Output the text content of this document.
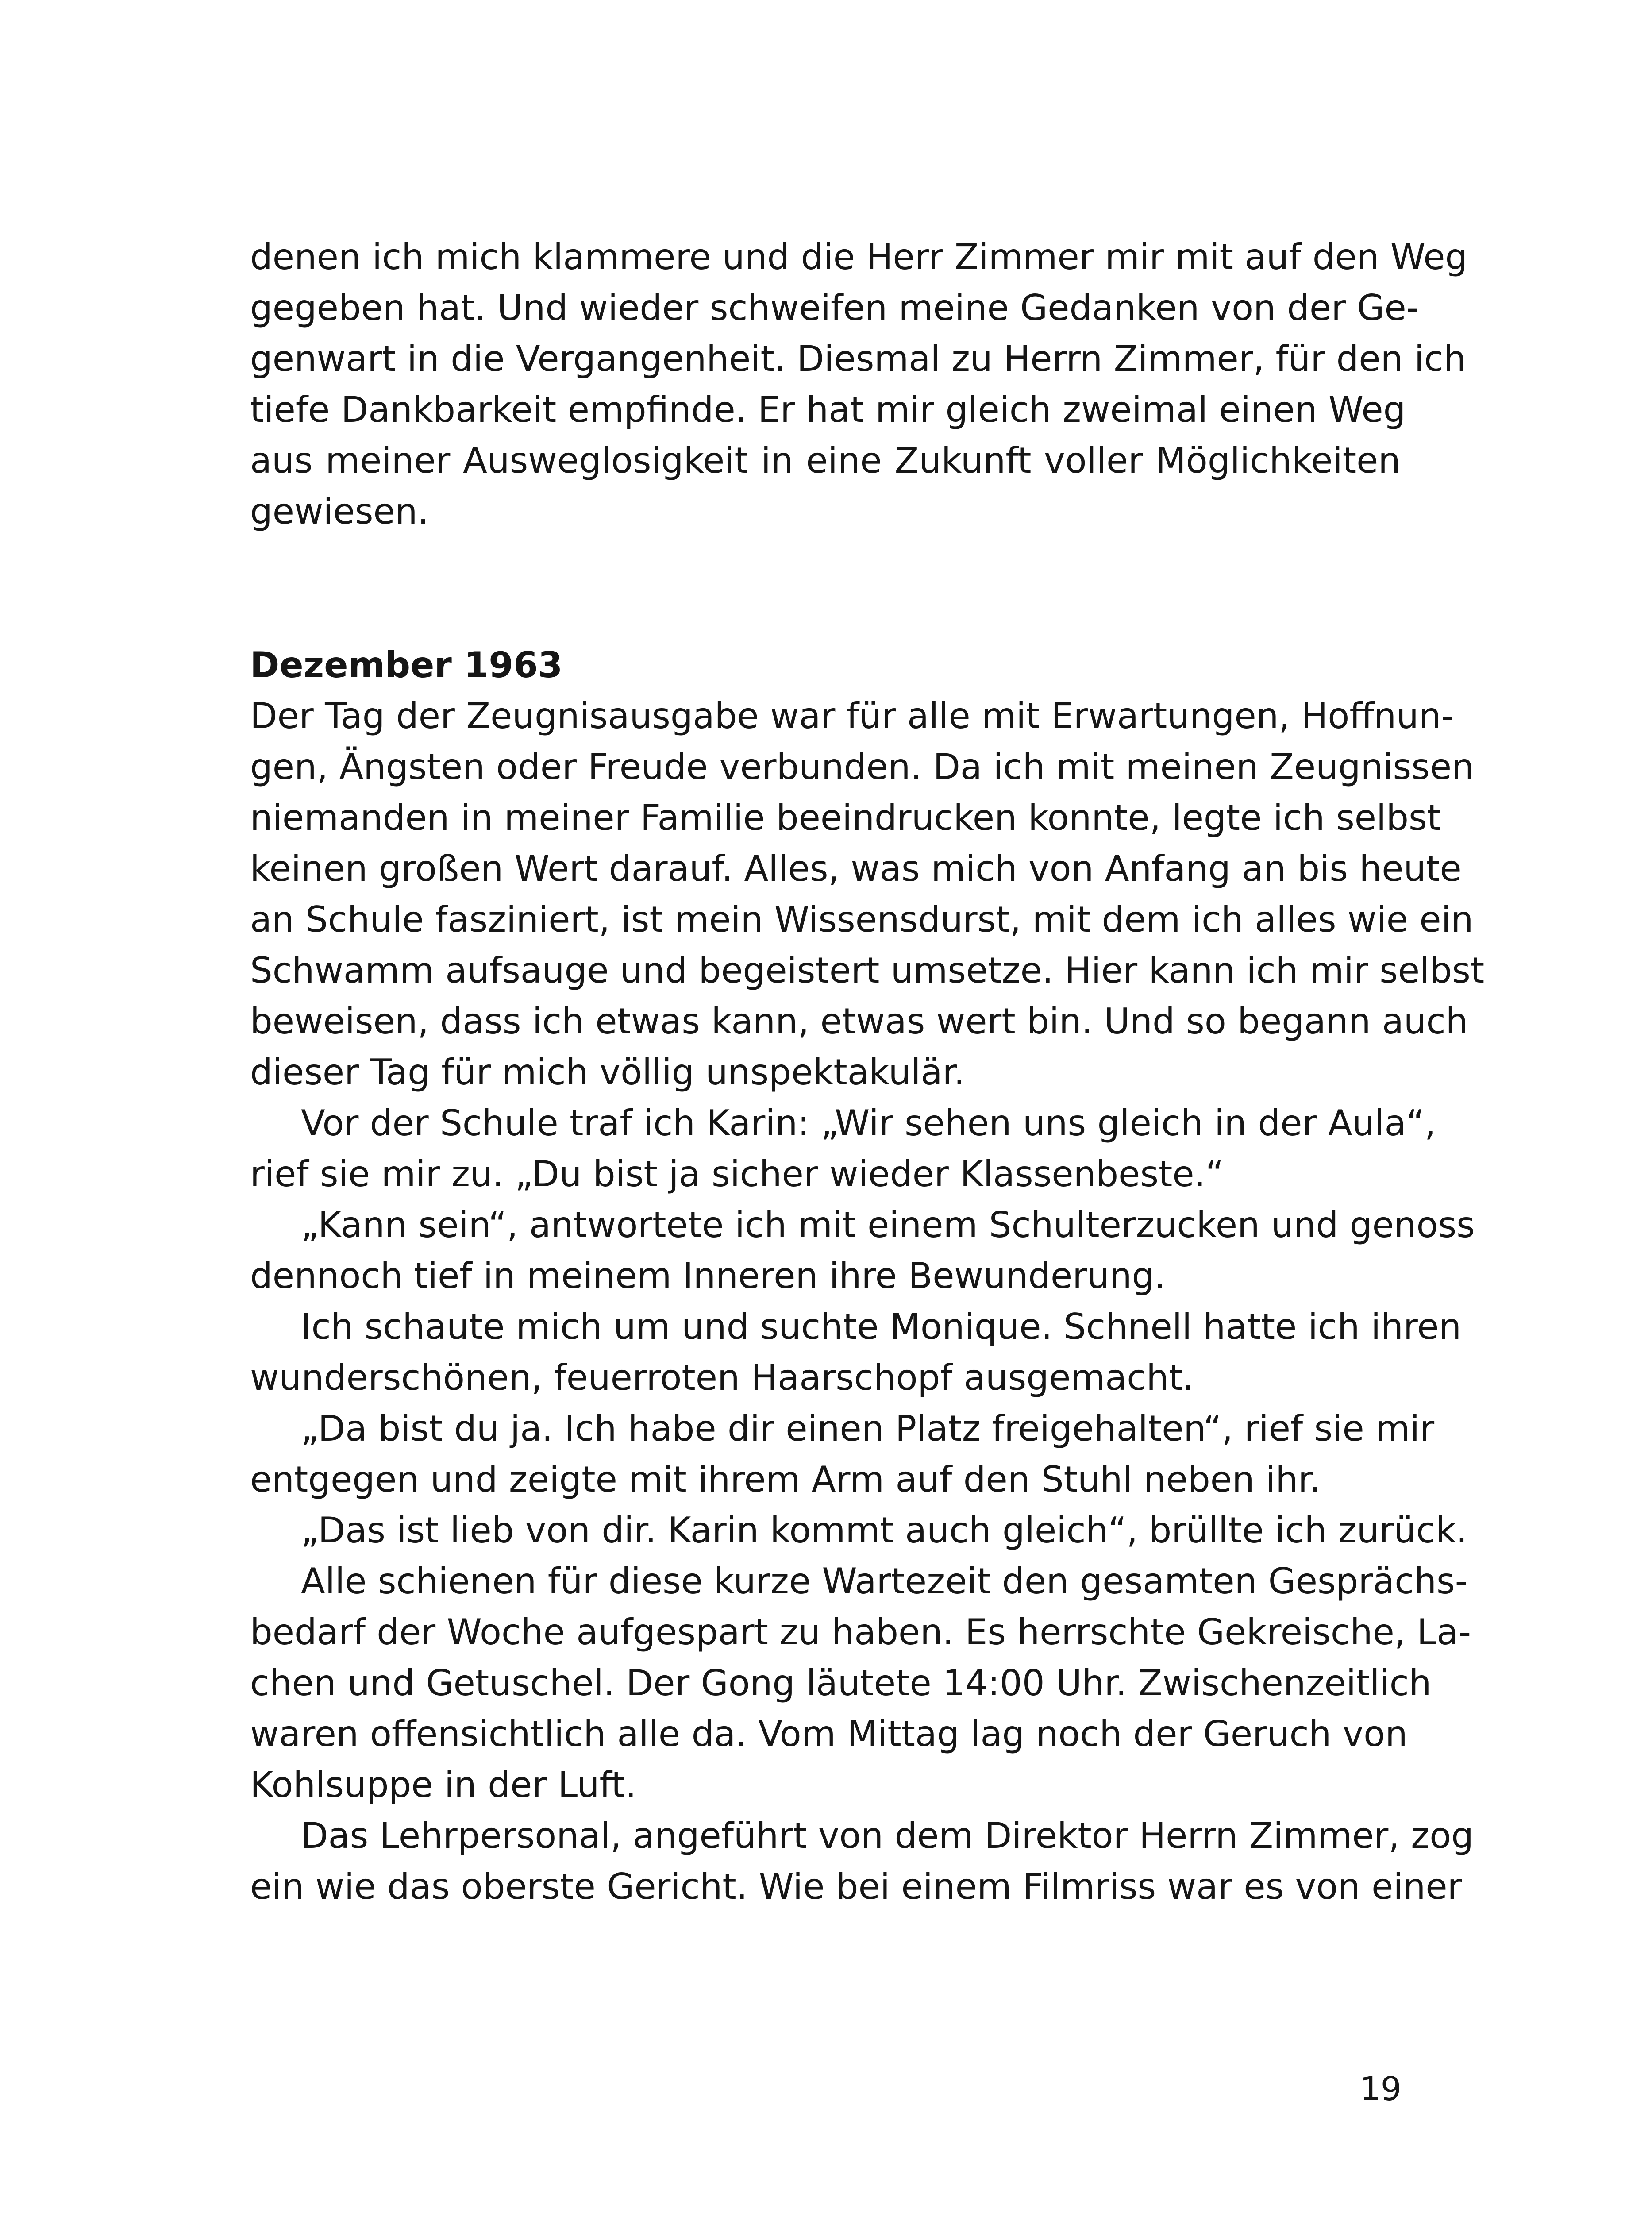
denen ich mich klammere und die Herr Zimmer mir mit auf den Weg
gegeben hat. Und wieder schweifen meine Gedanken von der Ge-
genwart in die Vergangenheit. Diesmal zu Herrn Zimmer, für den ich
tiefe Dankbarkeit empfinde. Er hat mir gleich zweimal einen Weg
aus meiner Ausweglosigkeit in eine Zukunft voller Möglichkeiten
gewiesen.
Dezember 1963
Der Tag der Zeugnisausgabe war für alle mit Erwartungen, Hoffnun-
gen, Ängsten oder Freude verbunden. Da ich mit meinen Zeugnissen
niemanden in meiner Familie beeindrucken konnte, legte ich selbst
keinen großen Wert darauf. Alles, was mich von Anfang an bis heute
an Schule fasziniert, ist mein Wissensdurst, mit dem ich alles wie ein
Schwamm aufsauge und begeistert umsetze. Hier kann ich mir selbst
beweisen, dass ich etwas kann, etwas wert bin. Und so begann auch
dieser Tag für mich völlig unspektakulär.
Vor der Schule traf ich Karin: „Wir sehen uns gleich in der Aula“,
rief sie mir zu. „Du bist ja sicher wieder Klassenbeste.“
„Kann sein“, antwortete ich mit einem Schulterzucken und genoss
dennoch tief in meinem Inneren ihre Bewunderung.
Ich schaute mich um und suchte Monique. Schnell hatte ich ihren
wunderschönen, feuerroten Haarschopf ausgemacht.
„Da bist du ja. Ich habe dir einen Platz freigehalten“, rief sie mir
entgegen und zeigte mit ihrem Arm auf den Stuhl neben ihr.
„Das ist lieb von dir. Karin kommt auch gleich“, brüllte ich zurück.
Alle schienen für diese kurze Wartezeit den gesamten Gesprächs-
bedarf der Woche aufgespart zu haben. Es herrschte Gekreische, La-
chen und Getuschel. Der Gong läutete 14:00 Uhr. Zwischenzeitlich
waren offensichtlich alle da. Vom Mittag lag noch der Geruch von
Kohlsuppe in der Luft.
Das Lehrpersonal, angeführt von dem Direktor Herrn Zimmer, zog
ein wie das oberste Gericht. Wie bei einem Filmriss war es von einer
19
